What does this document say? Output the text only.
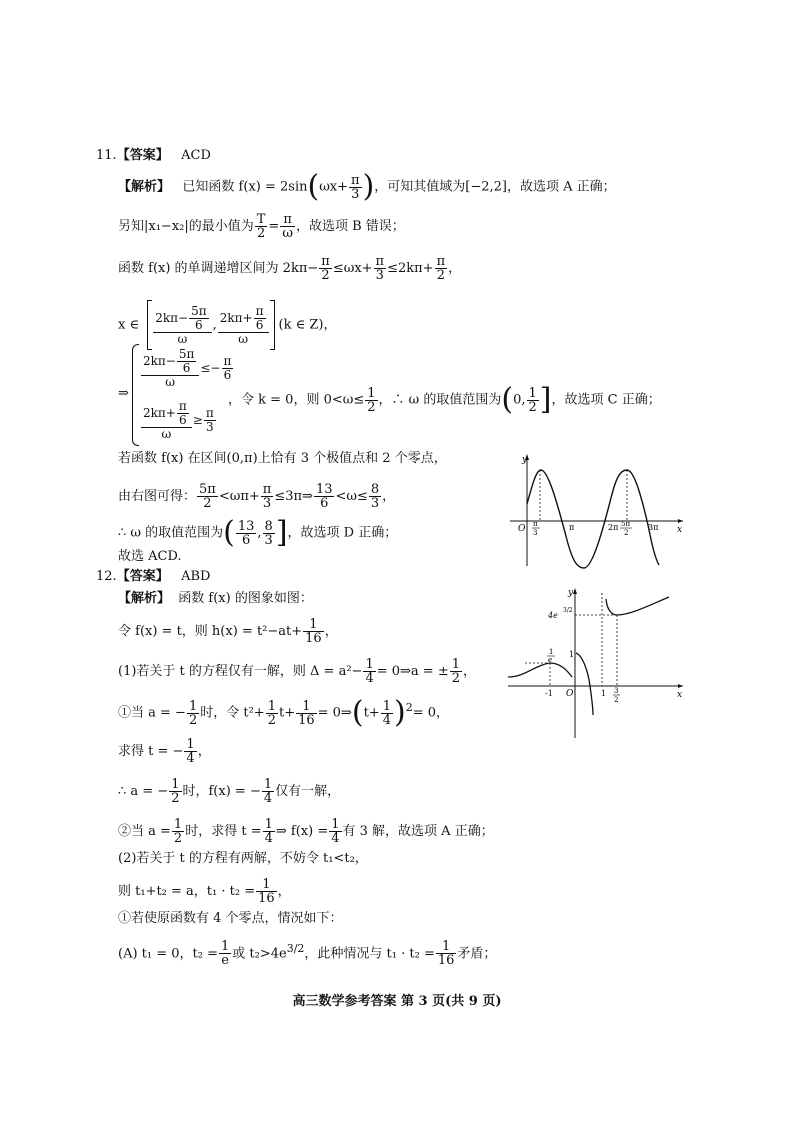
11.【答案】 ACD
【解析】 已知函数 $f(x) = 2\sin(\omega x+ \frac{\pi}{3}$ )，可知其值域为[−2,2]，故选项 A 正确；
另知|x₁−x₂|的最小值为 $\frac{T}{2} = \frac{\pi}{\omega}$ ，故选项 B 错误；
函数 f(x) 的单调递增区间为 $2k\pi- \frac{\pi}{2} \le\omega x+ \frac{\pi}{3} \le 2k\pi+ \frac{\pi}{2}$ ，
x ∈ $\frac{2k\pi- \frac{5\pi}{6}}{\omega}$ , $\frac{2k\pi+ \frac{\pi}{6}}{\omega} (k$ ∈ Z)，
⇒
$\frac{2k\pi- \frac{5\pi}{6}}{\omega} \le- \frac{\pi}{6}$
$\frac{2k\pi+ \frac{\pi}{6}}{\omega} \ge \frac{\pi}{3}$
，令 k = 0，则 $0<\omega\le \frac{1}{2}$ ，∴ ω 的取值范围为(0, $\frac{1}{2}$ ]，故选项 C 正确；
若函数 f(x) 在区间(0,π)上恰有 3 个极值点和 2 个零点，
由右图可得： $\frac{5\pi}{2} <\omega\pi+ \frac{\pi}{3}$ ≤3π⇒ $\frac{13}{6} <\omega\le \frac{8}{3}$ ，
∴ ω 的取值范围为( $\frac{13}{6}$ , $\frac{8}{3}$ ]，故选项 D 正确；
故选 ACD.
y
x
O π
3
π	2π 5π
2
3π
12.【答案】 ABD
【解析】 函数 f(x) 的图象如图：
令 f(x) = t，则 $h(x) = t^2-at+ \frac{1}{16}$ ，
(1)若关于 t 的方程仅有一解，则 $\Delta = a^2- \frac{1}{4}$ = 0⇒a = ± $\frac{1}{2}$ ，
①当 a = − $\frac{1}{2}$ 时，令 $t^2+ \frac{1}{2} t+ \frac{1}{16}$ = 0⇒(t+ $\frac{1}{4} )^2= 0$，
求得 t = − $\frac{1}{4}$ ，
∴ a = − $\frac{1}{2}$ 时，f(x) = − $\frac{1}{4}$ 仅有一解，
②当 $a = \frac{1}{2}$ 时，求得 $t = \frac{1}{4}$ ⇒ $f(x) = \frac{1}{4}$ 有 3 解，故选项 A 正确；
(2)若关于 t 的方程有两解，不妨令 t₁<t₂，
则 t₁+t₂ = a，$t_1 \cdot t_2 = \frac{1}{16}$ ，
①若使原函数有 4 个零点，情况如下：
(A) t₁ = 0，$t_2 = \frac{1}{e}$ 或 $t_2>4e^{3/2}$，此种情况与 $t_1 \cdot t_2 = \frac{1}{16}$ 矛盾；
y
x
O
1
e
1
-1	1 3
2
4e
3/2
高三数学参考答案 第 3 页(共 9 页)
